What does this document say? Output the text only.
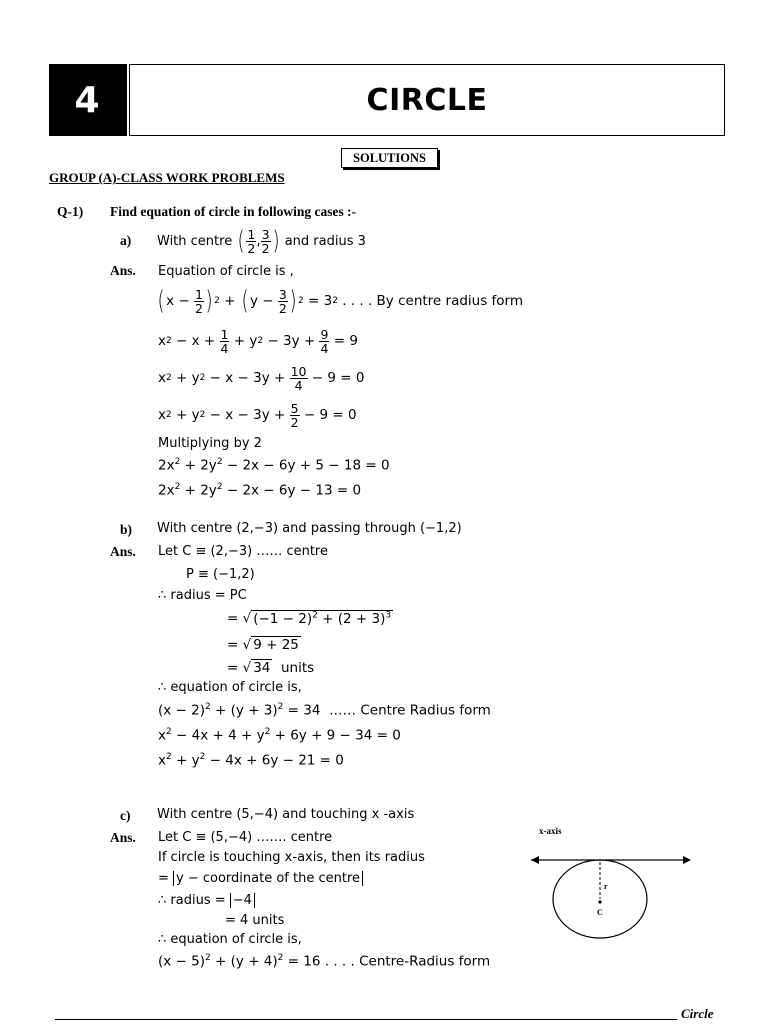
4	CIRCLE
SOLUTIONS
GROUP (A)-CLASS WORK PROBLEMS
Q-1) Find equation of circle in following cases :-
a) With centre ( $\frac{1}{2}$ , $\frac{3}{2}$ ) and radius 3
Ans. Equation of circle is ,
( $x - \frac{1}{2}$ ) 2 + ( $y - \frac{3}{2}$ ) 2
= 3 2
. . . . By centre radius form
x $2 - x + \frac{1}{4} + y$ $2 - 3y + \frac{9}{4} = 9$
x 2 + y $2 - x - 3y + \frac{10}{4} - 9 = 0$
x 2 + y $2 - x - 3y + \frac{5}{2} - 9 = 0$
Multiplying by 2
$2x^2 + 2y^2 - 2x - 6y + 5 - 18 = 0$
$2x^2 + 2y^2 - 2x - 6y - 13 = 0$
b) With centre (2,−3) and passing through (−1,2)
Ans. Let C ≡ (2,−3) …… centre
P ≡ (−1,2)
∴ radius = PC
= √ $(-1 - 2)^2 + (2 + 3)^3$
= √ 9 + 25
= √ 34 units
∴ equation of circle is,
$(x - 2)^2 + (y + 3)^2 = 34$  …… Centre Radius form
$x^2 - 4x + 4 + y^2 + 6y + 9 - 34 = 0$
$x^2 + y^2 - 4x + 6y - 21 = 0$
c) With centre (5,−4) and touching x -axis
Ans. Let C ≡ (5,−4) ……. centre
If circle is touching x-axis, then its radius
= y − coordinate of the centre
∴ radius = −4
= 4 units
∴ equation of circle is,
$(x - 5)^2 + (y + 4)^2 = 16$ . . . . Centre-Radius form
x-axis
r
C
Circle
